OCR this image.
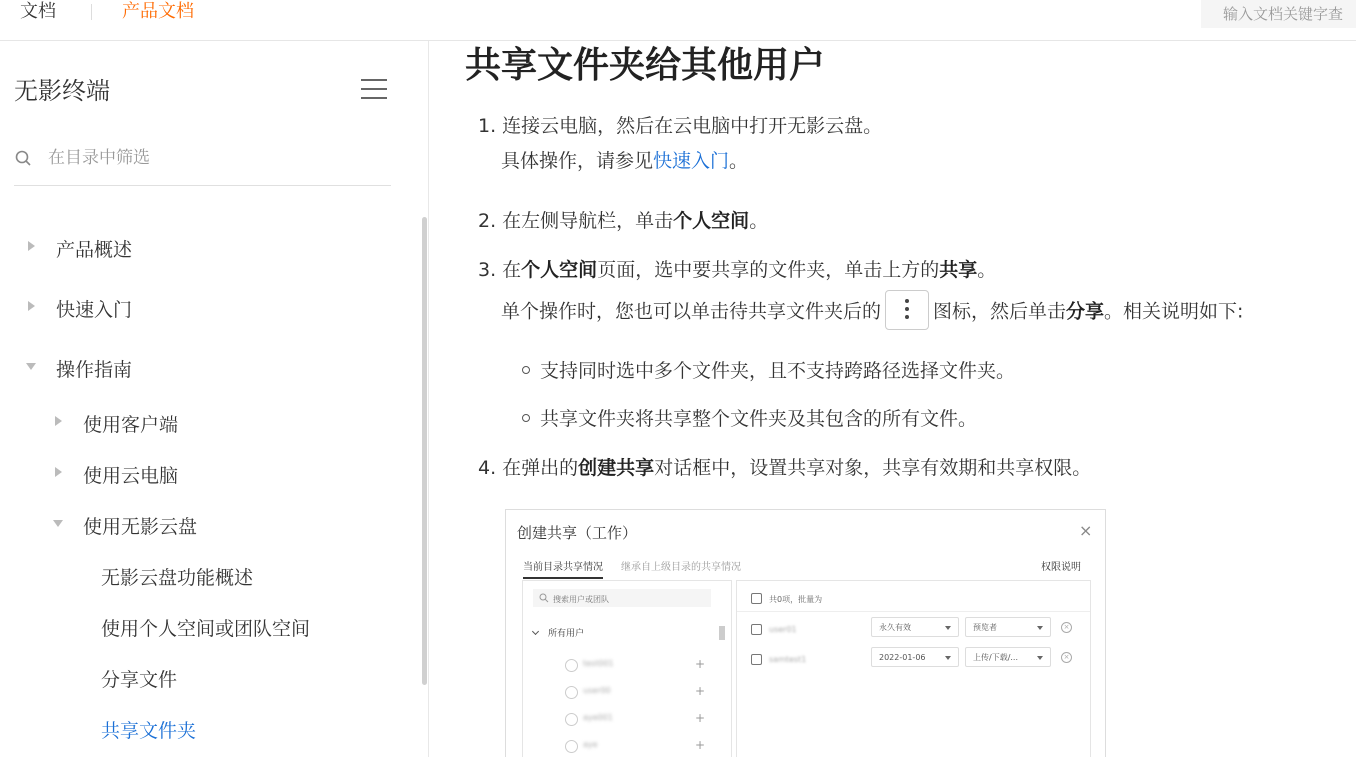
文档	产品文档
输入文档关键字查
无影终端
在目录中筛选
产品概述
快速入门
操作指南
使用客户端
使用云电脑
使用无影云盘
无影云盘功能概述
使用个人空间或团队空间
分享文件
共享文件夹
共享文件夹给其他用户
1. 连接云电脑，然后在云电脑中打开无影云盘。
具体操作，请参见快速入门。
2. 在左侧导航栏，单击个人空间。
3. 在个人空间页面，选中要共享的文件夹，单击上方的共享。
单个操作时，您也可以单击待共享文件夹后的	图标，然后单击分享。相关说明如下:
支持同时选中多个文件夹，且不支持跨路径选择文件夹。
共享文件夹将共享整个文件夹及其包含的所有文件。
4. 在弹出的创建共享对话框中，设置共享对象，共享有效期和共享权限。
创建共享（工作）	×
当前目录共享情况 继承自上级目录的共享情况	权限说明
搜索用户或团队
所有用户
test001	+
user00	+
aye001	+
aye	+
共0项，批量为
user01	永久有效	预览者	×
samtest1	2022-01-06	上传/下载/...	×
